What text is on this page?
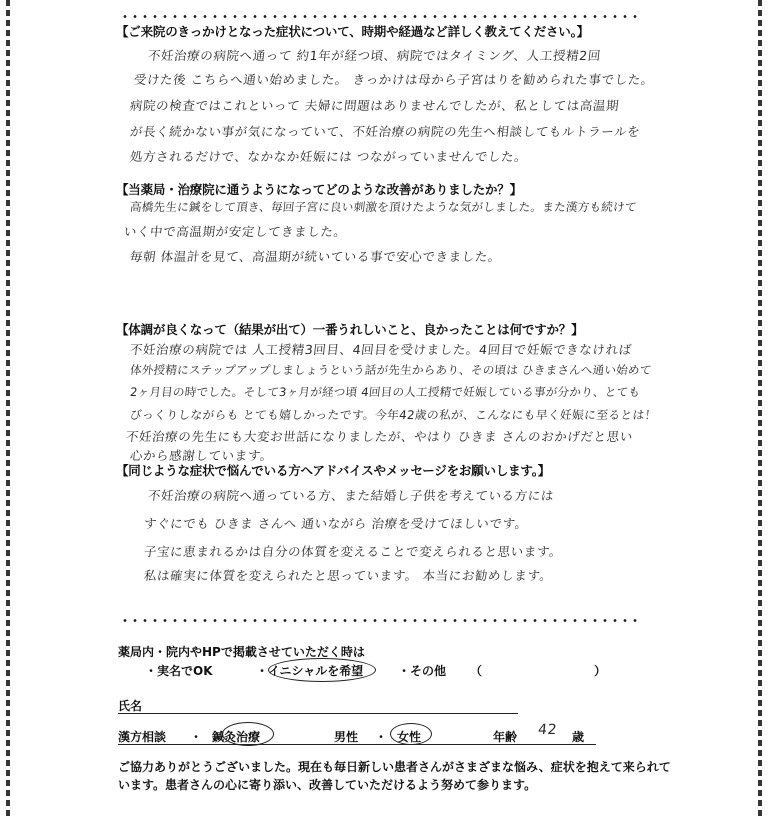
【ご来院のきっかけとなった症状について、時期や経過など詳しく教えてください。】
不妊治療の病院へ通って 約1年が経つ頃、病院ではタイミング、人工授精2回
受けた後 こちらへ通い始めました。 きっかけは母から子宮はりを勧められた事でした。
病院の検査ではこれといって 夫婦に問題はありませんでしたが、私としては高温期
が長く続かない事が気になっていて、不妊治療の病院の先生へ相談してもルトラールを
処方されるだけで、なかなか妊娠には つながっていませんでした。
【当薬局・治療院に通うようになってどのような改善がありましたか？】
高橋先生に鍼をして頂き、毎回子宮に良い刺激を頂けたような気がしました。また漢方も続けて
いく中で高温期が安定してきました。
毎朝 体温計を見て、高温期が続いている事で安心できました。
【体調が良くなって（結果が出て）一番うれしいこと、良かったことは何ですか？】
不妊治療の病院では 人工授精3回目、4回目を受けました。4回目で妊娠できなければ
体外授精にステップアップしましょうという話が先生からあり、その頃は ひきまさんへ通い始めて
2ヶ月目の時でした。そして3ヶ月が経つ頃 4回目の人工授精で妊娠している事が分かり、とても
びっくりしながらも とても嬉しかったです。今年42歳の私が、こんなにも早く妊娠に至るとは！
不妊治療の先生にも大変お世話になりましたが、やはり ひきま さんのおかげだと思い
心から感謝しています。
【同じような症状で悩んでいる方へアドバイスやメッセージをお願いします。】
不妊治療の病院へ通っている方、また結婚し子供を考えている方には
すぐにでも ひきま さんへ 通いながら 治療を受けてほしいです。
子宝に恵まれるかは自分の体質を変えることで変えられると思います。
私は確実に体質を変えられたと思っています。 本当にお勧めします。
薬局内・院内やHPで掲載させていただく時は
・実名でOK	・イニシャルを希望	・その他 （	）
氏名
漢方相談 ・ 鍼灸治療	男性 ・ 女性	年齢 42 歳
ご協力ありがとうございました。現在も毎日新しい患者さんがさまざまな悩み、症状を抱えて来られています。患者さんの心に寄り添い、改善していただけるよう努めて参ります。
